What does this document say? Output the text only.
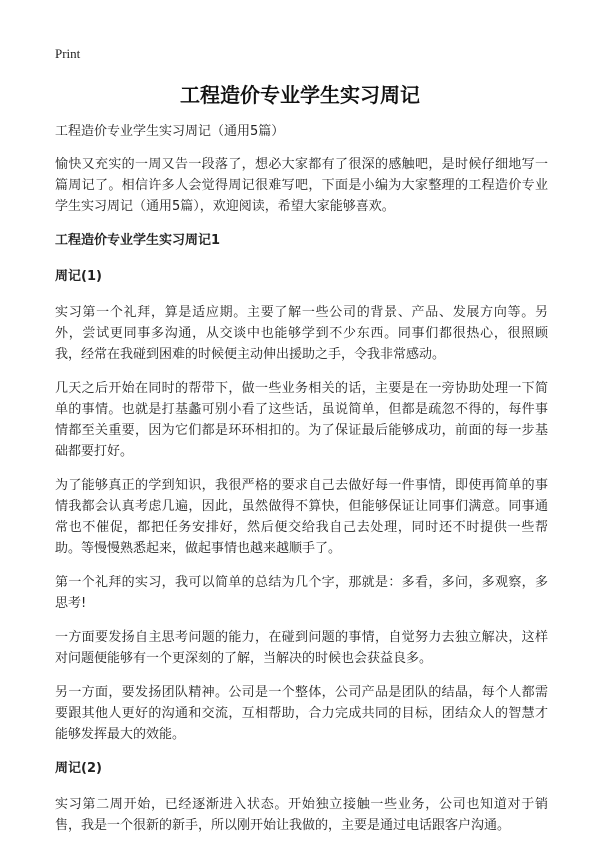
Print
工程造价专业学生实习周记

工程造价专业学生实习周记（通用5篇）

愉快又充实的一周又告一段落了，想必大家都有了很深的感触吧，是时候仔细地写一篇周记了。相信许多人会觉得周记很难写吧，下面是小编为大家整理的工程造价专业学生实习周记（通用5篇），欢迎阅读，希望大家能够喜欢。

工程造价专业学生实习周记1

周记(1)

实习第一个礼拜，算是适应期。主要了解一些公司的背景、产品、发展方向等。另外，尝试更同事多沟通，从交谈中也能够学到不少东西。同事们都很热心，很照顾我，经常在我碰到困难的时候便主动伸出援助之手，令我非常感动。

几天之后开始在同时的帮带下，做一些业务相关的话，主要是在一旁协助处理一下简单的事情。也就是打基蠡可别小看了这些话，虽说简单，但都是疏忽不得的，每件事情都至关重要，因为它们都是环环相扣的。为了保证最后能够成功，前面的每一步基础都要打好。

为了能够真正的学到知识，我很严格的要求自己去做好每一件事情，即使再简单的事情我都会认真考虑几遍，因此，虽然做得不算快，但能够保证让同事们满意。同事通常也不催促，都把任务安排好，然后便交给我自己去处理，同时还不时提供一些帮助。等慢慢熟悉起来，做起事情也越来越顺手了。

第一个礼拜的实习，我可以简单的总结为几个字，那就是：多看，多问，多观察，多思考!

一方面要发扬自主思考问题的能力，在碰到问题的事情，自觉努力去独立解决，这样对问题便能够有一个更深刻的了解，当解决的时候也会获益良多。

另一方面，要发扬团队精神。公司是一个整体，公司产品是团队的结晶，每个人都需要跟其他人更好的沟通和交流，互相帮助，合力完成共同的目标，团结众人的智慧才能够发挥最大的效能。

周记(2)

实习第二周开始，已经逐渐进入状态。开始独立接触一些业务，公司也知道对于销售，我是一个很新的新手，所以刚开始让我做的，主要是通过电话跟客户沟通。
